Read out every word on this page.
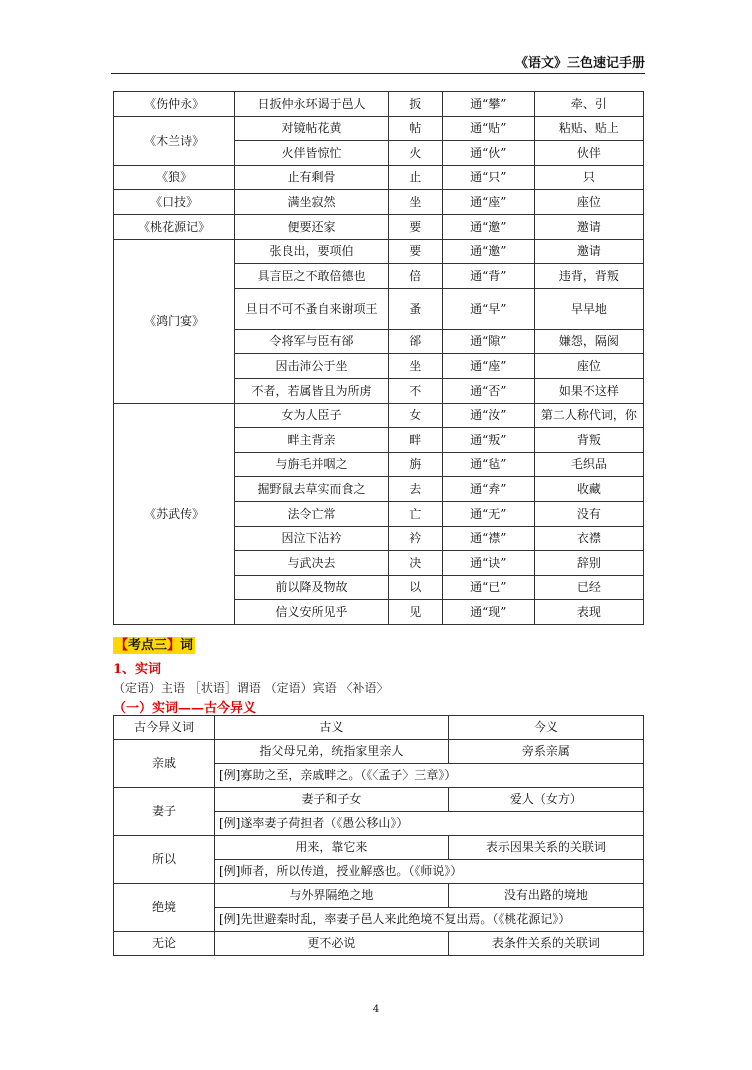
《语文》三色速记手册
《伤仲永》	日扳仲永环谒于邑人	扳	通“攀”	牵、引
《木兰诗》	对镜帖花黄	帖	通“贴”	粘贴、贴上
	火伴皆惊忙	火	通“伙”	伙伴
《狼》	止有剩骨	止	通“只”	只
《口技》	满坐寂然	坐	通“座”	座位
《桃花源记》	便要还家	要	通“邀”	邀请
《鸿门宴》	张良出，要项伯	要	通“邀”	邀请
	具言臣之不敢倍德也	倍	通“背”	违背，背叛
	旦日不可不蚤自来谢项王	蚤	通“早”	早早地
	令将军与臣有郤	郤	通“隙”	嫌怨，隔阂
	因击沛公于坐	坐	通“座”	座位
	不者，若属皆且为所虏	不	通“否”	如果不这样
《苏武传》	女为人臣子	女	通“汝”	第二人称代词，你
	畔主背亲	畔	通“叛”	背叛
	与旃毛并咽之	旃	通“毡”	毛织品
	掘野鼠去草实而食之	去	通“弆”	收藏
	法令亡常	亡	通“无”	没有
	因泣下沾衿	衿	通“襟”	衣襟
	与武决去	决	通“诀”	辞别
	前以降及物故	以	通“已”	已经
	信义安所见乎	见	通“现”	表现
【考点三】词
1、实词
（定语）主语 ［状语］谓语 （定语）宾语 〈补语〉
（一）实词——古今异义
古今异义词	古义	今义
亲戚	指父母兄弟，统指家里亲人	旁系亲属
	[例]寡助之至，亲戚畔之。（《〈孟子〉三章》）	
妻子	妻子和子女	爱人（女方）
	[例]遂率妻子荷担者（《愚公移山》）	
所以	用来，靠它来	表示因果关系的关联词
	[例]师者，所以传道，授业解惑也。（《师说》）	
绝境	与外界隔绝之地	没有出路的境地
	[例]先世避秦时乱，率妻子邑人来此绝境不复出焉。（《桃花源记》）	
无论	更不必说	表条件关系的关联词
4
